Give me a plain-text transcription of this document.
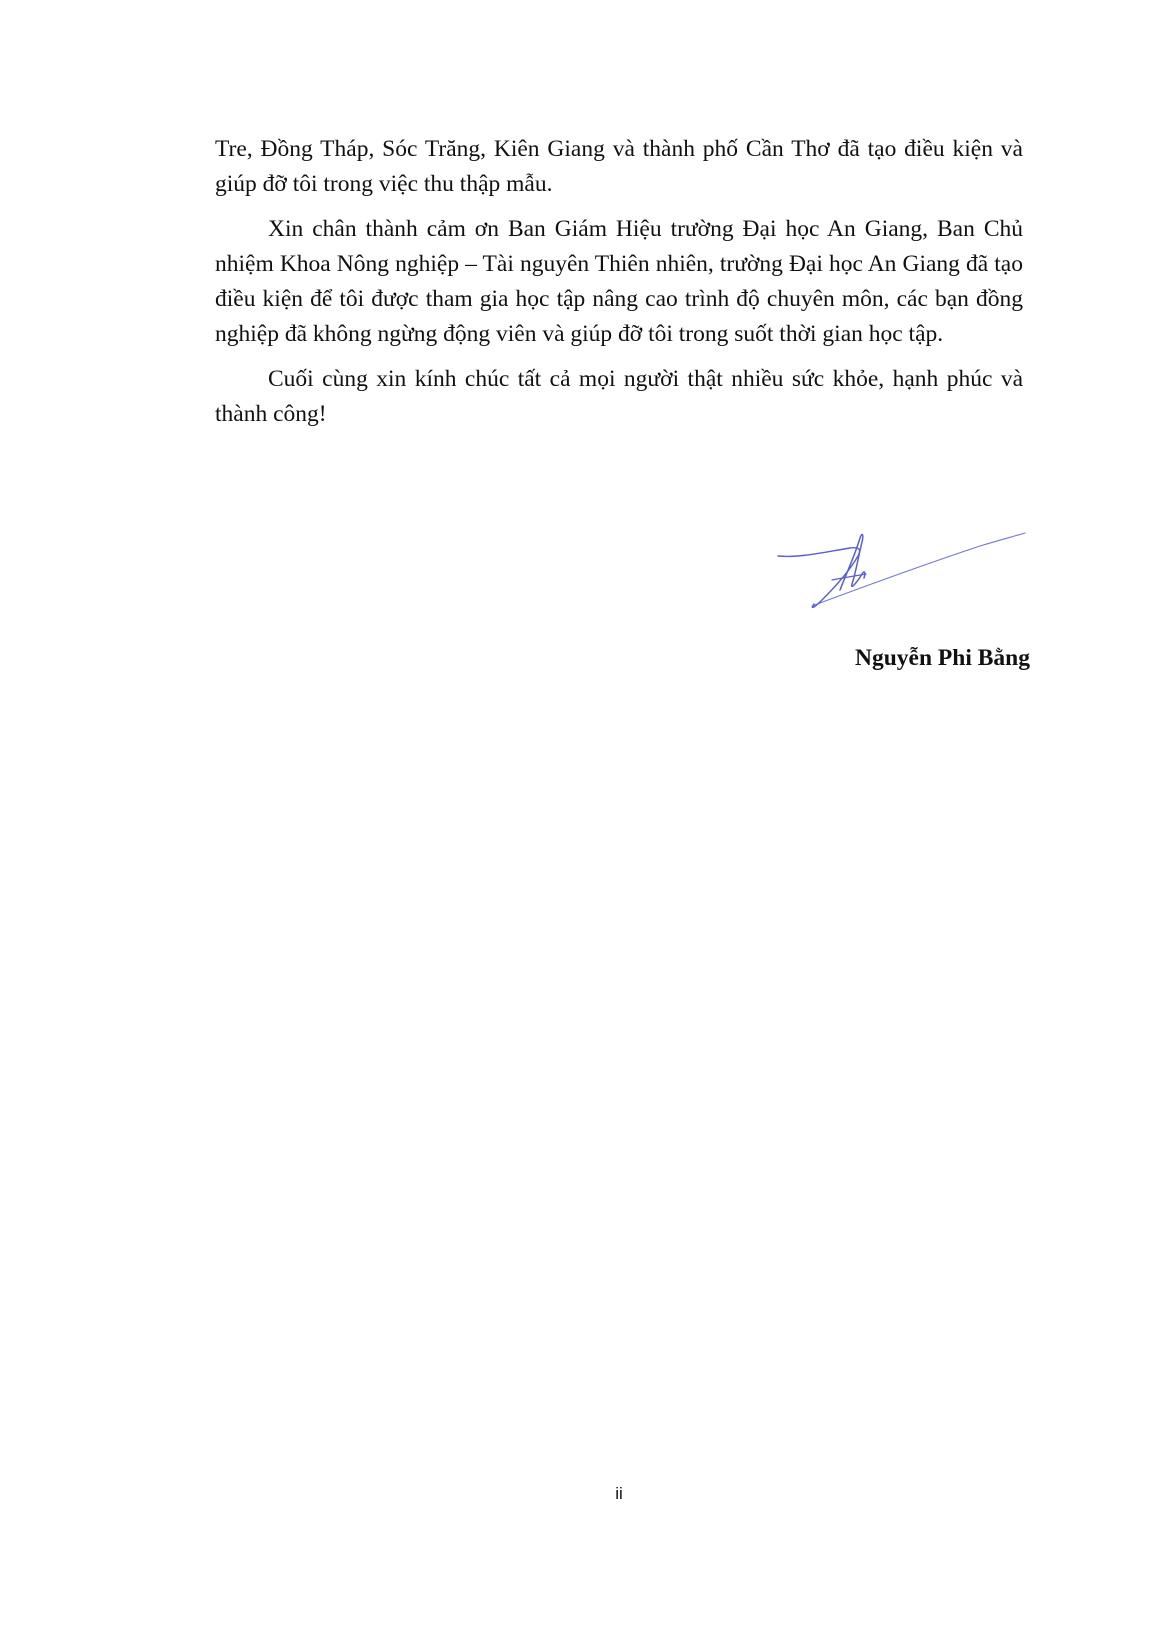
Tre, Đồng Tháp, Sóc Trăng, Kiên Giang và thành phố Cần Thơ đã tạo điều kiện và giúp đỡ tôi trong việc thu thập mẫu.

Xin chân thành cảm ơn Ban Giám Hiệu trường Đại học An Giang, Ban Chủ nhiệm Khoa Nông nghiệp – Tài nguyên Thiên nhiên, trường Đại học An Giang đã tạo điều kiện để tôi được tham gia học tập nâng cao trình độ chuyên môn, các bạn đồng nghiệp đã không ngừng động viên và giúp đỡ tôi trong suốt thời gian học tập.

Cuối cùng xin kính chúc tất cả mọi người thật nhiều sức khỏe, hạnh phúc và thành công!

Nguyễn Phi Bằng
ii
